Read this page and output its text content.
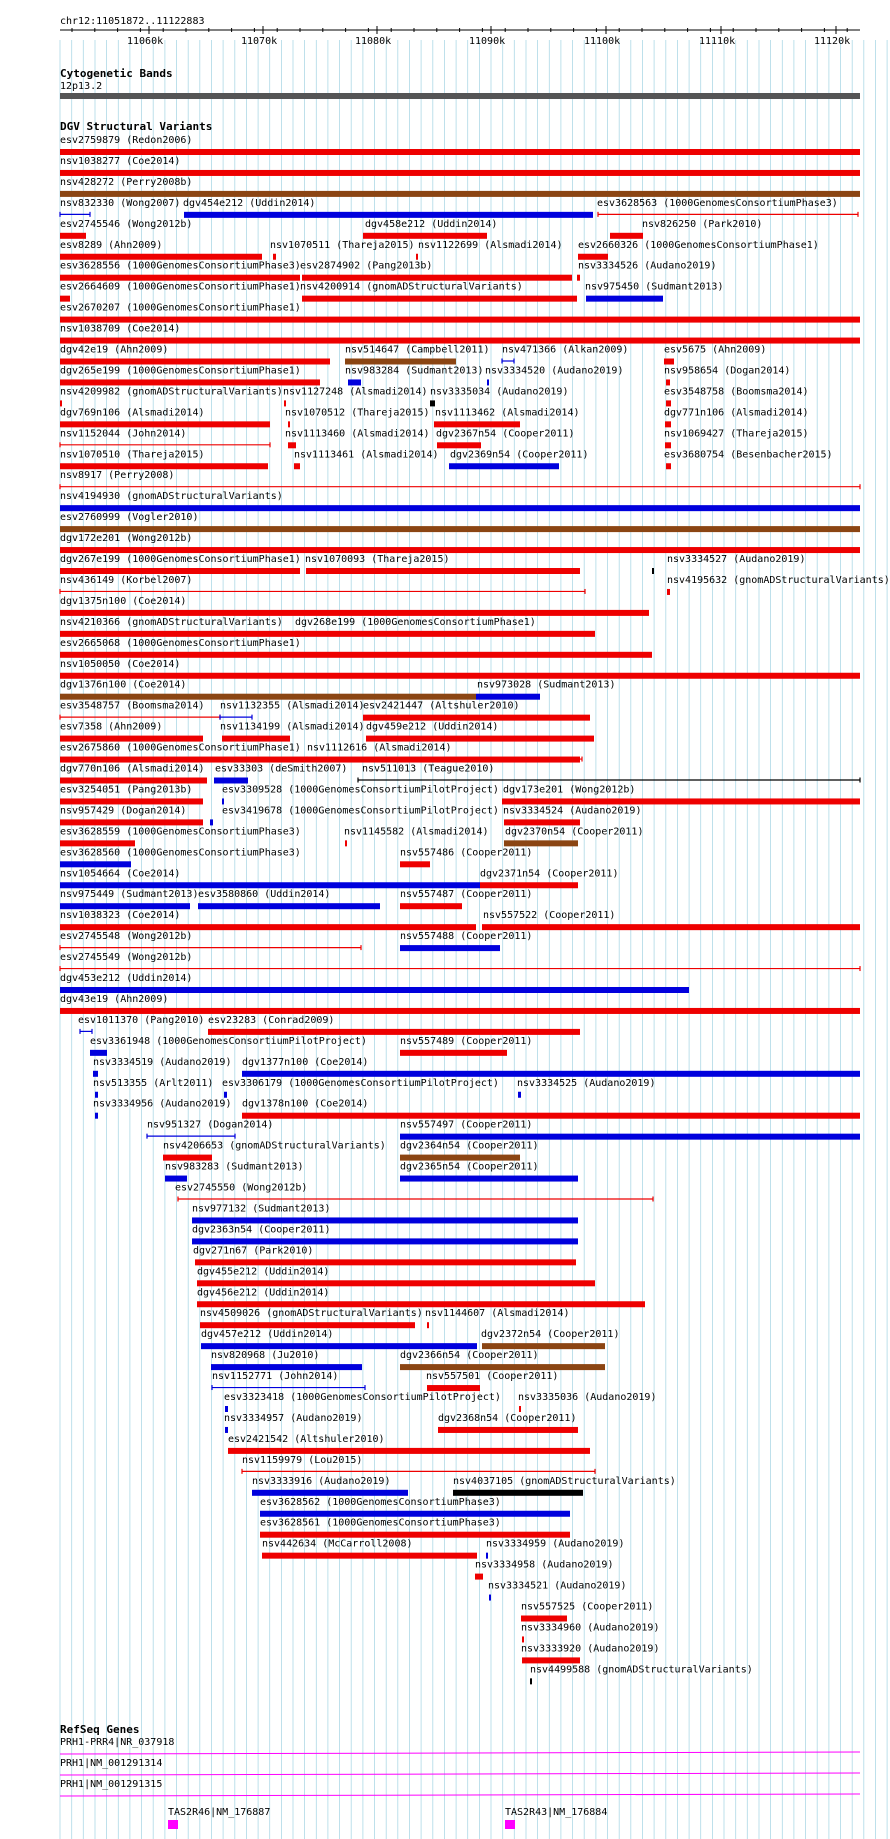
chr12:11051872..11122883
11060k	11070k	11080k	11090k	11100k	11110k	11120k
Cytogenetic Bands
12p13.2
DGV Structural Variants
esv2759879 (Redon2006)
nsv1038277 (Coe2014)
nsv428272 (Perry2008b)
nsv832330 (Wong2007) dgv454e212 (Uddin2014)	esv3628563 (1000GenomesConsortiumPhase3)
esv2745546 (Wong2012b)	dgv458e212 (Uddin2014)	nsv826250 (Park2010)
esv8289 (Ahn2009)	nsv1070511 (Thareja2015) nsv1122699 (Alsmadi2014) esv2660326 (1000GenomesConsortiumPhase1)
esv3628556 (1000GenomesConsortiumPhase3) esv2874902 (Pang2013b)	nsv3334526 (Audano2019)
esv2664609 (1000GenomesConsortiumPhase1) nsv4200914 (gnomADStructuralVariants)	nsv975450 (Sudmant2013)
esv2670207 (1000GenomesConsortiumPhase1)
nsv1038709 (Coe2014)
dgv42e19 (Ahn2009)	nsv514647 (Campbell2011) nsv471366 (Alkan2009)	esv5675 (Ahn2009)
dgv265e199 (1000GenomesConsortiumPhase1)	nsv983284 (Sudmant2013) nsv3334520 (Audano2019)	nsv958654 (Dogan2014)
nsv4209982 (gnomADStructuralVariants) nsv1127248 (Alsmadi2014) nsv3335034 (Audano2019)	esv3548758 (Boomsma2014)
dgv769n106 (Alsmadi2014)	nsv1070512 (Thareja2015) nsv1113462 (Alsmadi2014)	dgv771n106 (Alsmadi2014)
nsv1152044 (John2014)	nsv1113460 (Alsmadi2014) dgv2367n54 (Cooper2011)	nsv1069427 (Thareja2015)
nsv1070510 (Thareja2015)	nsv1113461 (Alsmadi2014) dgv2369n54 (Cooper2011)	esv3680754 (Besenbacher2015)
nsv8917 (Perry2008)
nsv4194930 (gnomADStructuralVariants)
esv2760999 (Vogler2010)
dgv172e201 (Wong2012b)
dgv267e199 (1000GenomesConsortiumPhase1) nsv1070093 (Thareja2015)	nsv3334527 (Audano2019)
nsv436149 (Korbel2007)	nsv4195632 (gnomADStructuralVariants)
dgv1375n100 (Coe2014)
nsv4210366 (gnomADStructuralVariants) dgv268e199 (1000GenomesConsortiumPhase1)
esv2665068 (1000GenomesConsortiumPhase1)
nsv1050050 (Coe2014)
dgv1376n100 (Coe2014)	nsv973028 (Sudmant2013)
esv3548757 (Boomsma2014) nsv1132355 (Alsmadi2014)
esv2421447 (Altshuler2010)
esv7358 (Ahn2009)	nsv1134199 (Alsmadi2014) dgv459e212 (Uddin2014)
esv2675860 (1000GenomesConsortiumPhase1) nsv1112616 (Alsmadi2014)
dgv770n106 (Alsmadi2014) esv33303 (deSmith2007) nsv511013 (Teague2010)
esv3254051 (Pang2013b)	esv3309528 (1000GenomesConsortiumPilotProject) dgv173e201 (Wong2012b)
nsv957429 (Dogan2014)	esv3419678 (1000GenomesConsortiumPilotProject) nsv3334524 (Audano2019)
esv3628559 (1000GenomesConsortiumPhase3)	nsv1145582 (Alsmadi2014) dgv2370n54 (Cooper2011)
esv3628560 (1000GenomesConsortiumPhase3)	nsv557486 (Cooper2011)
nsv1054664 (Coe2014)	dgv2371n54 (Cooper2011)
nsv975449 (Sudmant2013) esv3580860 (Uddin2014)	nsv557487 (Cooper2011)
nsv1038323 (Coe2014)	nsv557522 (Cooper2011)
esv2745548 (Wong2012b)	nsv557488 (Cooper2011)
esv2745549 (Wong2012b)
dgv453e212 (Uddin2014)
dgv43e19 (Ahn2009)
esv1011370 (Pang2010) esv23283 (Conrad2009)
esv3361948 (1000GenomesConsortiumPilotProject)	nsv557489 (Cooper2011)
nsv3334519 (Audano2019) dgv1377n100 (Coe2014)
nsv513355 (Arlt2011) esv3306179 (1000GenomesConsortiumPilotProject) nsv3334525 (Audano2019)
nsv3334956 (Audano2019) dgv1378n100 (Coe2014)
nsv951327 (Dogan2014)	nsv557497 (Cooper2011)
nsv4206653 (gnomADStructuralVariants) dgv2364n54 (Cooper2011)
nsv983283 (Sudmant2013)	dgv2365n54 (Cooper2011)
esv2745550 (Wong2012b)
nsv977132 (Sudmant2013)
dgv2363n54 (Cooper2011)
dgv271n67 (Park2010)
dgv455e212 (Uddin2014)
dgv456e212 (Uddin2014)
nsv4509026 (gnomADStructuralVariants) nsv1144607 (Alsmadi2014)
dgv457e212 (Uddin2014)	dgv2372n54 (Cooper2011)
nsv820968 (Ju2010)	dgv2366n54 (Cooper2011)
nsv1152771 (John2014)	nsv557501 (Cooper2011)
esv3323418 (1000GenomesConsortiumPilotProject) nsv3335036 (Audano2019)
nsv3334957 (Audano2019)	dgv2368n54 (Cooper2011)
esv2421542 (Altshuler2010)
nsv1159979 (Lou2015)
nsv3333916 (Audano2019)	nsv4037105 (gnomADStructuralVariants)
esv3628562 (1000GenomesConsortiumPhase3)
esv3628561 (1000GenomesConsortiumPhase3)
nsv442634 (McCarroll2008)	nsv3334959 (Audano2019)
nsv3334958 (Audano2019)
nsv3334521 (Audano2019)
nsv557525 (Cooper2011)
nsv3334960 (Audano2019)
nsv3333920 (Audano2019)
nsv4499588 (gnomADStructuralVariants)
RefSeq Genes
PRH1-PRR4|NR_037918
PRH1|NM_001291314
PRH1|NM_001291315
TAS2R46|NM_176887	TAS2R43|NM_176884
